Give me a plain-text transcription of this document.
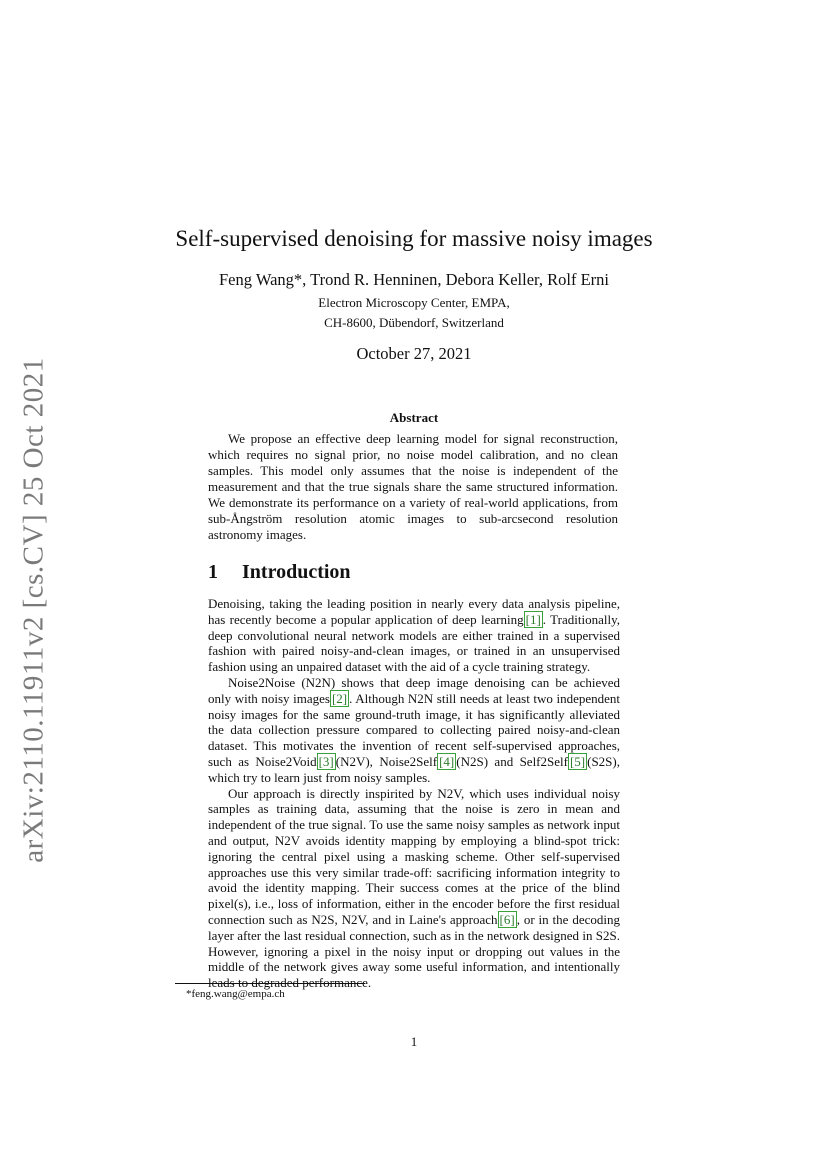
arXiv:2110.11911v2 [cs.CV] 25 Oct 2021
Self-supervised denoising for massive noisy images
Feng Wang*, Trond R. Henninen, Debora Keller, Rolf Erni
Electron Microscopy Center, EMPA,
CH-8600, Dübendorf, Switzerland
October 27, 2021
Abstract

We propose an effective deep learning model for signal reconstruction, which requires no signal prior, no noise model calibration, and no clean samples. This model only assumes that the noise is independent of the measurement and that the true signals share the same structured information. We demonstrate its performance on a variety of real-world applications, from sub-Ångström resolution atomic images to sub-arcsecond resolution astronomy images.

1 Introduction

Denoising, taking the leading position in nearly every data analysis pipeline, has recently become a popular application of deep learning [1] . Traditionally, deep convolutional neural network models are either trained in a supervised fashion with paired noisy-and-clean images, or trained in an unsupervised fashion using an unpaired dataset with the aid of a cycle training strategy.

Noise2Noise (N2N) shows that deep image denoising can be achieved only with noisy images [2] . Although N2N still needs at least two independent noisy images for the same ground-truth image, it has significantly alleviated the data collection pressure compared to collecting paired noisy-and-clean dataset. This motivates the invention of recent self-supervised approaches, such as Noise2Void [3] (N2V), Noise2Self [4] (N2S) and Self2Self [5] (S2S), which try to learn just from noisy samples.

Our approach is directly inspirited by N2V, which uses individual noisy samples as training data, assuming that the noise is zero in mean and independent of the true signal. To use the same noisy samples as network input and output, N2V avoids identity mapping by employing a blind-spot trick: ignoring the central pixel using a masking scheme. Other self-supervised approaches use this very similar trade-off: sacrificing information integrity to avoid the identity mapping. Their success comes at the price of the blind pixel(s), i.e., loss of information, either in the encoder before the first residual connection such as N2S, N2V, and in Laine's approach [6] , or in the decoding layer after the last residual connection, such as in the network designed in S2S. However, ignoring a pixel in the noisy input or dropping out values in the middle of the network gives away some useful information, and intentionally leads to degraded performance.

*feng.wang@empa.ch
1
